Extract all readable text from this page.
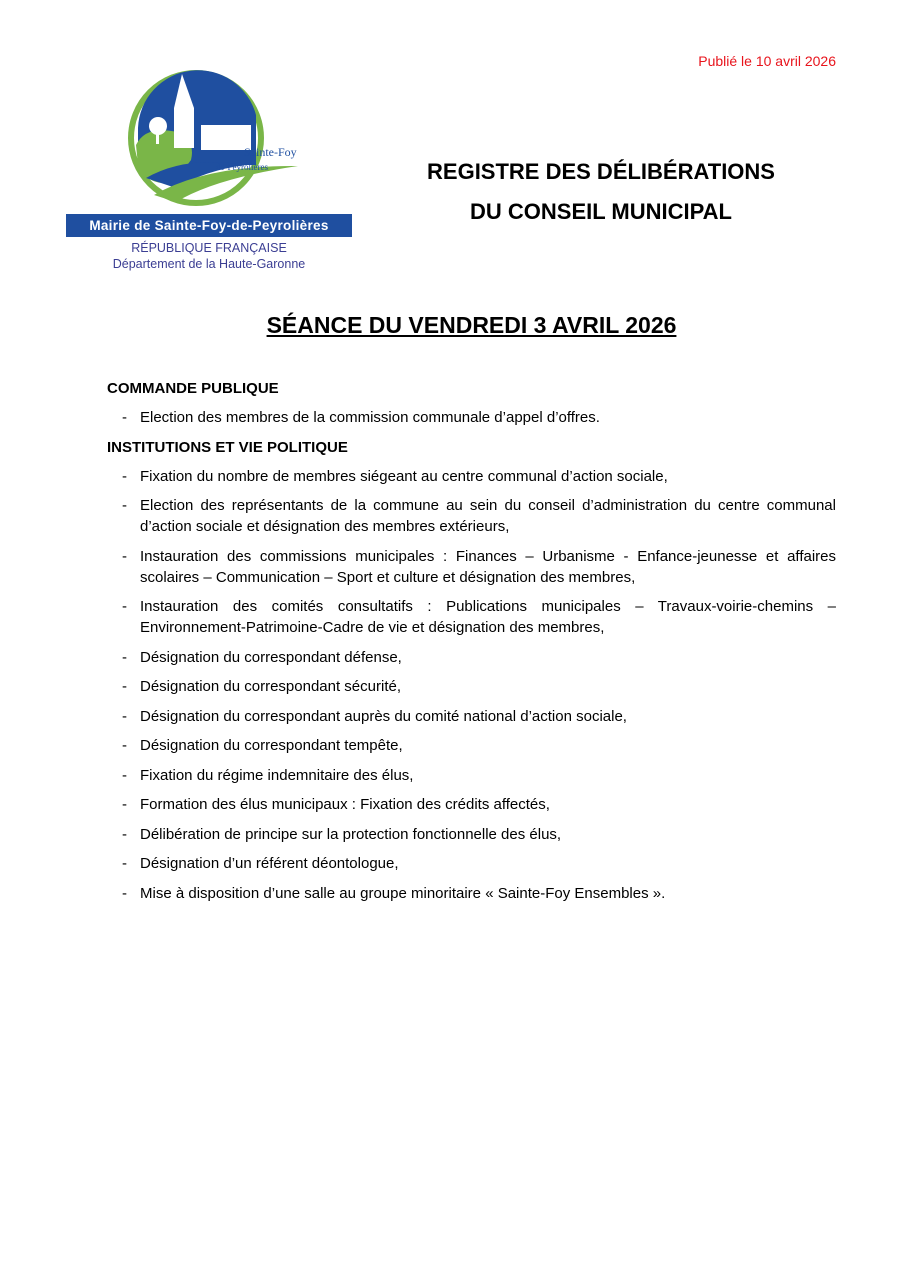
Publié le 10 avril 2026
Sainte-Foy
de-Peyrolières
Mairie de Sainte-Foy-de-Peyrolières
RÉPUBLIQUE FRANÇAISE
Département de la Haute-Garonne
REGISTRE DES DÉLIBÉRATIONS
DU CONSEIL MUNICIPAL
SÉANCE DU VENDREDI 3 AVRIL 2026
COMMANDE PUBLIQUE
- Election des membres de la commission communale d’appel d’offres.
INSTITUTIONS ET VIE POLITIQUE
- Fixation du nombre de membres siégeant au centre communal d’action sociale,
- Election des représentants de la commune au sein du conseil d’administration du centre communal d’action sociale et désignation des membres extérieurs,
- Instauration des commissions municipales : Finances – Urbanisme - Enfance-jeunesse et affaires scolaires – Communication – Sport et culture et désignation des membres,
- Instauration des comités consultatifs : Publications municipales – Travaux-voirie-chemins – Environnement-Patrimoine-Cadre de vie et désignation des membres,
- Désignation du correspondant défense,
- Désignation du correspondant sécurité,
- Désignation du correspondant auprès du comité national d’action sociale,
- Désignation du correspondant tempête,
- Fixation du régime indemnitaire des élus,
- Formation des élus municipaux : Fixation des crédits affectés,
- Délibération de principe sur la protection fonctionnelle des élus,
- Désignation d’un référent déontologue,
- Mise à disposition d’une salle au groupe minoritaire « Sainte-Foy Ensembles ».
